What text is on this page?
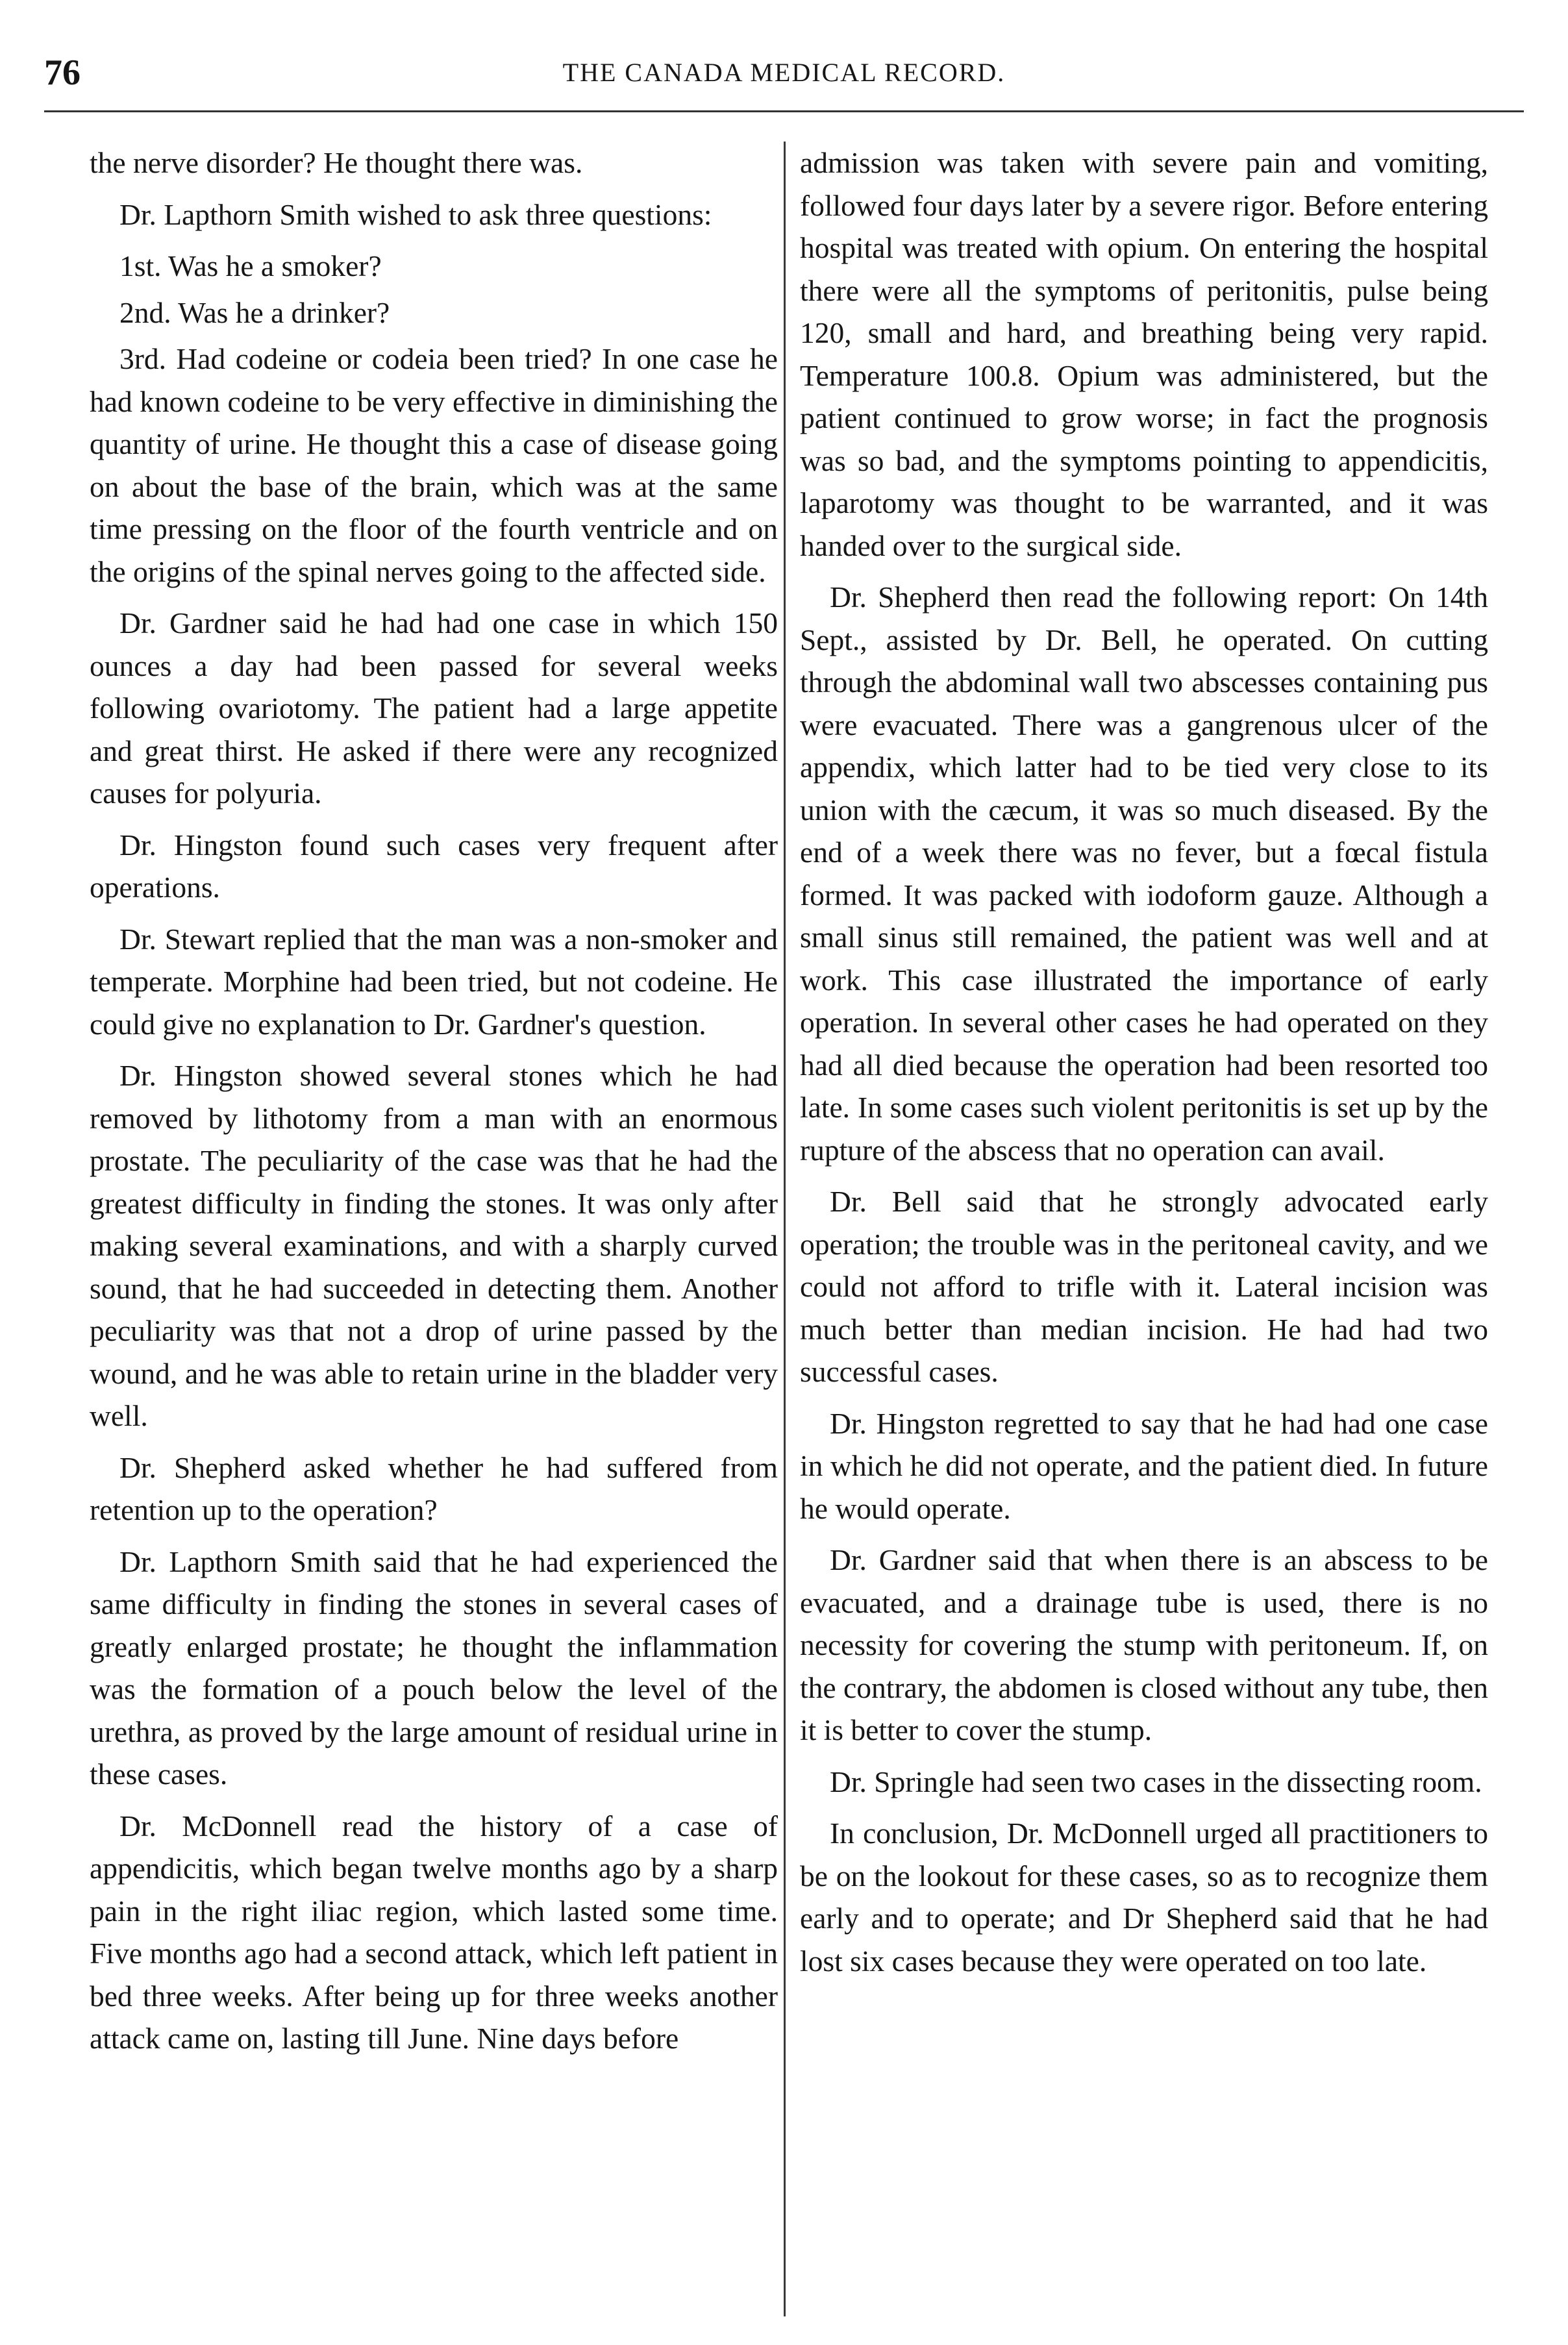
76	THE CANADA MEDICAL RECORD.

the nerve disorder? He thought there was.

Dr. Lapthorn Smith wished to ask three questions:

1st. Was he a smoker?

2nd. Was he a drinker?

3rd. Had codeine or codeia been tried? In one case he had known codeine to be very effective in diminishing the quantity of urine. He thought this a case of disease going on about the base of the brain, which was at the same time pressing on the floor of the fourth ventricle and on the origins of the spinal nerves going to the affected side.

Dr. Gardner said he had had one case in which 150 ounces a day had been passed for several weeks following ovariotomy. The patient had a large appetite and great thirst. He asked if there were any recognized causes for polyuria.

Dr. Hingston found such cases very frequent after operations.

Dr. Stewart replied that the man was a non-smoker and temperate. Morphine had been tried, but not codeine. He could give no explanation to Dr. Gardner's question.

Dr. Hingston showed several stones which he had removed by lithotomy from a man with an enormous prostate. The peculiarity of the case was that he had the greatest difficulty in finding the stones. It was only after making several examinations, and with a sharply curved sound, that he had succeeded in detecting them. Another peculiarity was that not a drop of urine passed by the wound, and he was able to retain urine in the bladder very well.

Dr. Shepherd asked whether he had suffered from retention up to the operation?

Dr. Lapthorn Smith said that he had experienced the same difficulty in finding the stones in several cases of greatly enlarged prostate; he thought the inflammation was the formation of a pouch below the level of the urethra, as proved by the large amount of residual urine in these cases.

Dr. McDonnell read the history of a case of appendicitis, which began twelve months ago by a sharp pain in the right iliac region, which lasted some time. Five months ago had a second attack, which left patient in bed three weeks. After being up for three weeks another attack came on, lasting till June. Nine days before

admission was taken with severe pain and vomiting, followed four days later by a severe rigor. Before entering hospital was treated with opium. On entering the hospital there were all the symptoms of peritonitis, pulse being 120, small and hard, and breathing being very rapid. Temperature 100.8. Opium was administered, but the patient continued to grow worse; in fact the prognosis was so bad, and the symptoms pointing to appendicitis, laparotomy was thought to be warranted, and it was handed over to the surgical side.

Dr. Shepherd then read the following report: On 14th Sept., assisted by Dr. Bell, he operated. On cutting through the abdominal wall two abscesses containing pus were evacuated. There was a gangrenous ulcer of the appendix, which latter had to be tied very close to its union with the cæcum, it was so much diseased. By the end of a week there was no fever, but a fœcal fistula formed. It was packed with iodoform gauze. Although a small sinus still remained, the patient was well and at work. This case illustrated the importance of early operation. In several other cases he had operated on they had all died because the operation had been resorted too late. In some cases such violent peritonitis is set up by the rupture of the abscess that no operation can avail.

Dr. Bell said that he strongly advocated early operation; the trouble was in the peritoneal cavity, and we could not afford to trifle with it. Lateral incision was much better than median incision. He had had two successful cases.

Dr. Hingston regretted to say that he had had one case in which he did not operate, and the patient died. In future he would operate.

Dr. Gardner said that when there is an abscess to be evacuated, and a drainage tube is used, there is no necessity for covering the stump with peritoneum. If, on the contrary, the abdomen is closed without any tube, then it is better to cover the stump.

Dr. Springle had seen two cases in the dissecting room.

In conclusion, Dr. McDonnell urged all practitioners to be on the lookout for these cases, so as to recognize them early and to operate; and Dr Shepherd said that he had lost six cases because they were operated on too late.
